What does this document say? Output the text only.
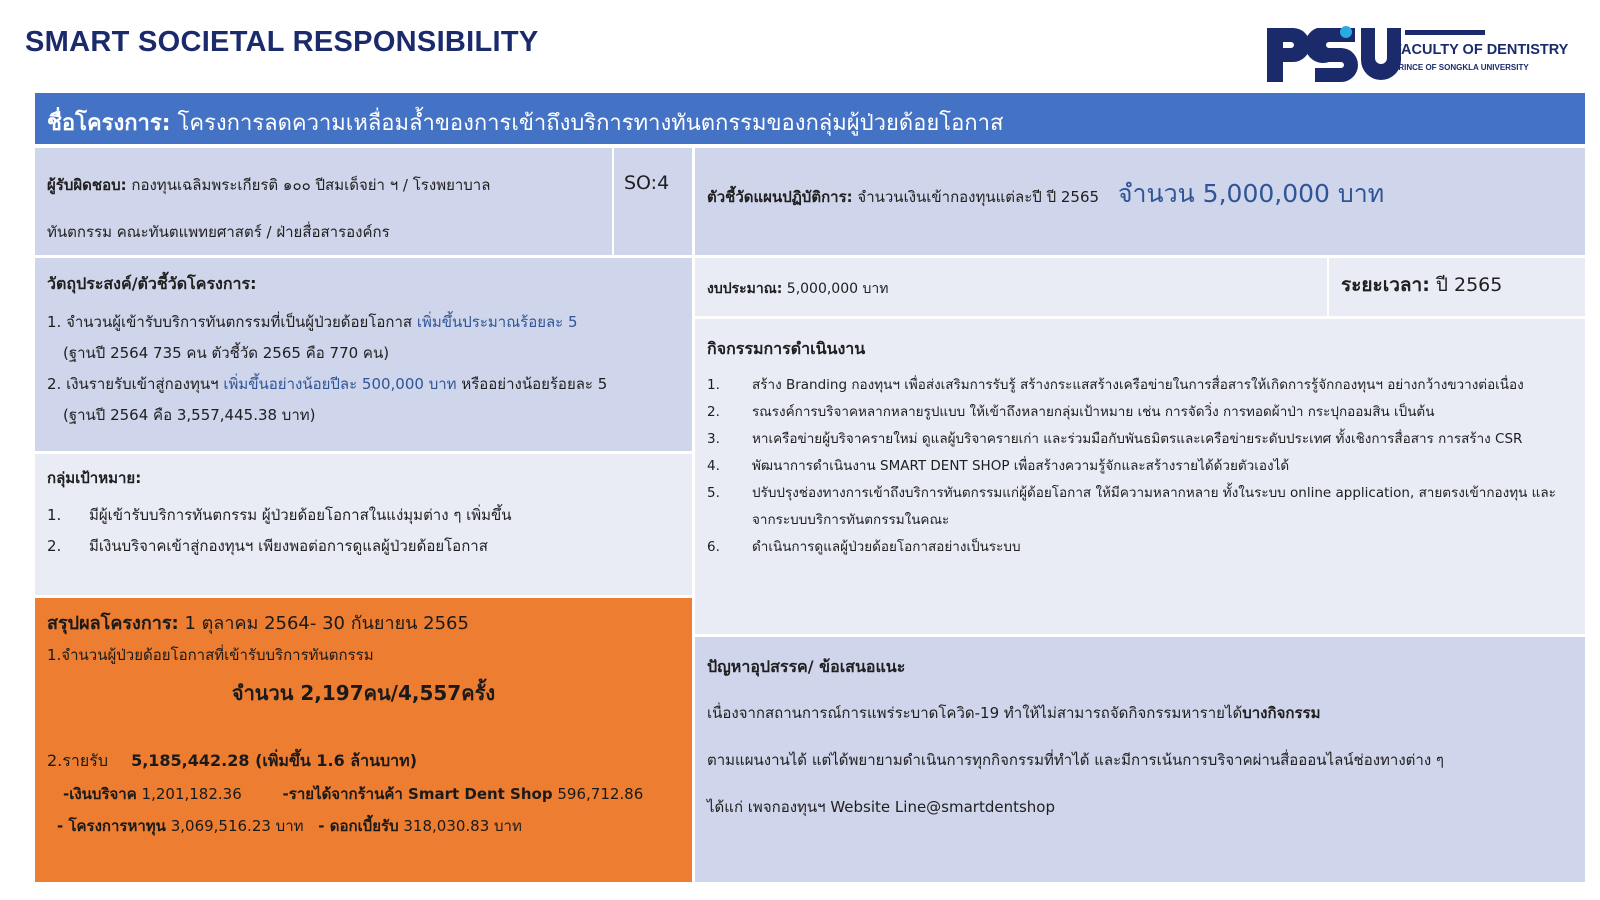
SMART SOCIETAL RESPONSIBILITY	FACULTY OF DENTISTRY
PRINCE OF SONGKLA UNIVERSITY
ชื่อโครงการ: โครงการลดความเหลื่อมล้ำของการเข้าถึงบริการทางทันตกรรมของกลุ่มผู้ป่วยด้อยโอกาส
ผู้รับผิดชอบ: กองทุนเฉลิมพระเกียรติ ๑๐๐ ปีสมเด็จย่า ฯ / โรงพยาบาล
ทันตกรรม คณะทันตแพทยศาสตร์ / ฝ่ายสื่อสารองค์กร
SO:4
ตัวชี้วัดแผนปฏิบัติการ: จำนวนเงินเข้ากองทุนแต่ละปี ปี 2565 จำนวน 5,000,000 บาท
วัตถุประสงค์/ตัวชี้วัดโครงการ:
1. จำนวนผู้เข้ารับบริการทันตกรรมที่เป็นผู้ป่วยด้อยโอกาส เพิ่มขึ้นประมาณร้อยละ 5
(ฐานปี 2564 735 คน ตัวชี้วัด 2565 คือ 770 คน)
2. เงินรายรับเข้าสู่กองทุนฯ เพิ่มขึ้นอย่างน้อยปีละ 500,000 บาท หรืออย่างน้อยร้อยละ 5
(ฐานปี 2564 คือ 3,557,445.38 บาท)
งบประมาณ: 5,000,000 บาท	ระยะเวลา: ปี 2565
กลุ่มเป้าหมาย:
1. มีผู้เข้ารับบริการทันตกรรม ผู้ป่วยด้อยโอกาสในแง่มุมต่าง ๆ เพิ่มขึ้น
2. มีเงินบริจาคเข้าสู่กองทุนฯ เพียงพอต่อการดูแลผู้ป่วยด้อยโอกาส
กิจกรรมการดำเนินงาน
1.	สร้าง Branding กองทุนฯ เพื่อส่งเสริมการรับรู้ สร้างกระแสสร้างเครือข่ายในการสื่อสารให้เกิดการรู้จักกองทุนฯ อย่างกว้างขวางต่อเนื่อง
2.	รณรงค์การบริจาคหลากหลายรูปแบบ ให้เข้าถึงหลายกลุ่มเป้าหมาย เช่น การจัดวิ่ง การทอดผ้าป่า กระปุกออมสิน เป็นต้น
3.	หาเครือข่ายผู้บริจาครายใหม่ ดูแลผู้บริจาครายเก่า และร่วมมือกับพันธมิตรและเครือข่ายระดับประเทศ ทั้งเชิงการสื่อสาร การสร้าง CSR
4.	พัฒนาการดำเนินงาน SMART DENT SHOP เพื่อสร้างความรู้จักและสร้างรายได้ด้วยตัวเองได้
5.	ปรับปรุงช่องทางการเข้าถึงบริการทันตกรรมแก่ผู้ด้อยโอกาส ให้มีความหลากหลาย ทั้งในระบบ online application, สายตรงเข้ากองทุน และจากระบบบริการทันตกรรมในคณะ
6.	ดำเนินการดูแลผู้ป่วยด้อยโอกาสอย่างเป็นระบบ
สรุปผลโครงการ: 1 ตุลาคม 2564- 30 กันยายน 2565
1.จำนวนผู้ป่วยด้อยโอกาสที่เข้ารับบริการทันตกรรม
จำนวน 2,197คน/4,557ครั้ง
2.รายรับ 5,185,442.28 (เพิ่มขึ้น 1.6 ล้านบาท)
-เงินบริจาค 1,201,182.36	-รายได้จากร้านค้า Smart Dent Shop 596,712.86
- โครงการหาทุน 3,069,516.23 บาท - ดอกเบี้ยรับ 318,030.83 บาท
ปัญหาอุปสรรค/ ข้อเสนอแนะ
เนื่องจากสถานการณ์การแพร่ระบาดโควิด-19 ทำให้ไม่สามารถจัดกิจกรรมหารายได้บางกิจกรรม
ตามแผนงานได้ แต่ได้พยายามดำเนินการทุกกิจกรรมที่ทำได้ และมีการเน้นการบริจาคผ่านสื่อออนไลน์ช่องทางต่าง ๆ
ได้แก่ เพจกองทุนฯ Website Line@smartdentshop
